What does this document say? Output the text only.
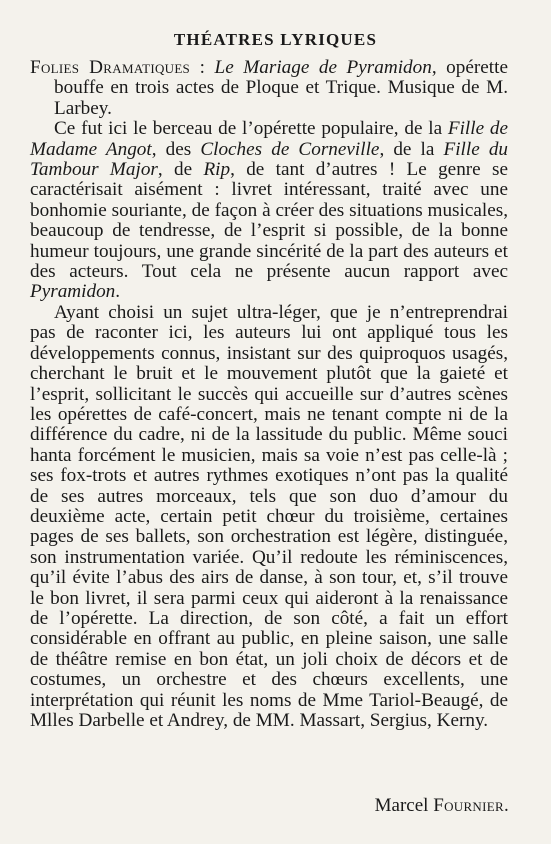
THÉATRES LYRIQUES

Folies Dramatiques : Le Mariage de Pyramidon, opérette bouffe en trois actes de Ploque et Trique. Musique de M. Larbey.

Ce fut ici le berceau de l’opérette populaire, de la Fille de Madame Angot, des Cloches de Corneville, de la Fille du Tambour Major, de Rip, de tant d’autres ! Le genre se caractérisait aisément : livret intéressant, traité avec une bonhomie souriante, de façon à créer des situations musicales, beaucoup de tendresse, de l’esprit si possible, de la bonne humeur toujours, une grande sincérité de la part des auteurs et des acteurs. Tout cela ne présente aucun rapport avec Pyramidon.

Ayant choisi un sujet ultra-léger, que je n’entreprendrai pas de raconter ici, les auteurs lui ont appliqué tous les développements connus, insistant sur des quiproquos usagés, cherchant le bruit et le mouvement plutôt que la gaieté et l’esprit, sollicitant le succès qui accueille sur d’autres scènes les opérettes de café-concert, mais ne tenant compte ni de la différence du cadre, ni de la lassitude du public. Même souci hanta forcément le musicien, mais sa voie n’est pas celle-là ; ses fox-trots et autres rythmes exotiques n’ont pas la qualité de ses autres morceaux, tels que son duo d’amour du deuxième acte, certain petit chœur du troisième, certaines pages de ses ballets, son orchestration est légère, distinguée, son instrumentation variée. Qu’il redoute les réminiscences, qu’il évite l’abus des airs de danse, à son tour, et, s’il trouve le bon livret, il sera parmi ceux qui aideront à la renaissance de l’opérette. La direction, de son côté, a fait un effort considérable en offrant au public, en pleine saison, une salle de théâtre remise en bon état, un joli choix de décors et de costumes, un orchestre et des chœurs excellents, une interprétation qui réunit les noms de Mme Tariol-Beaugé, de Mlles Darbelle et Andrey, de MM. Massart, Sergius, Kerny.

Marcel Fournier.
